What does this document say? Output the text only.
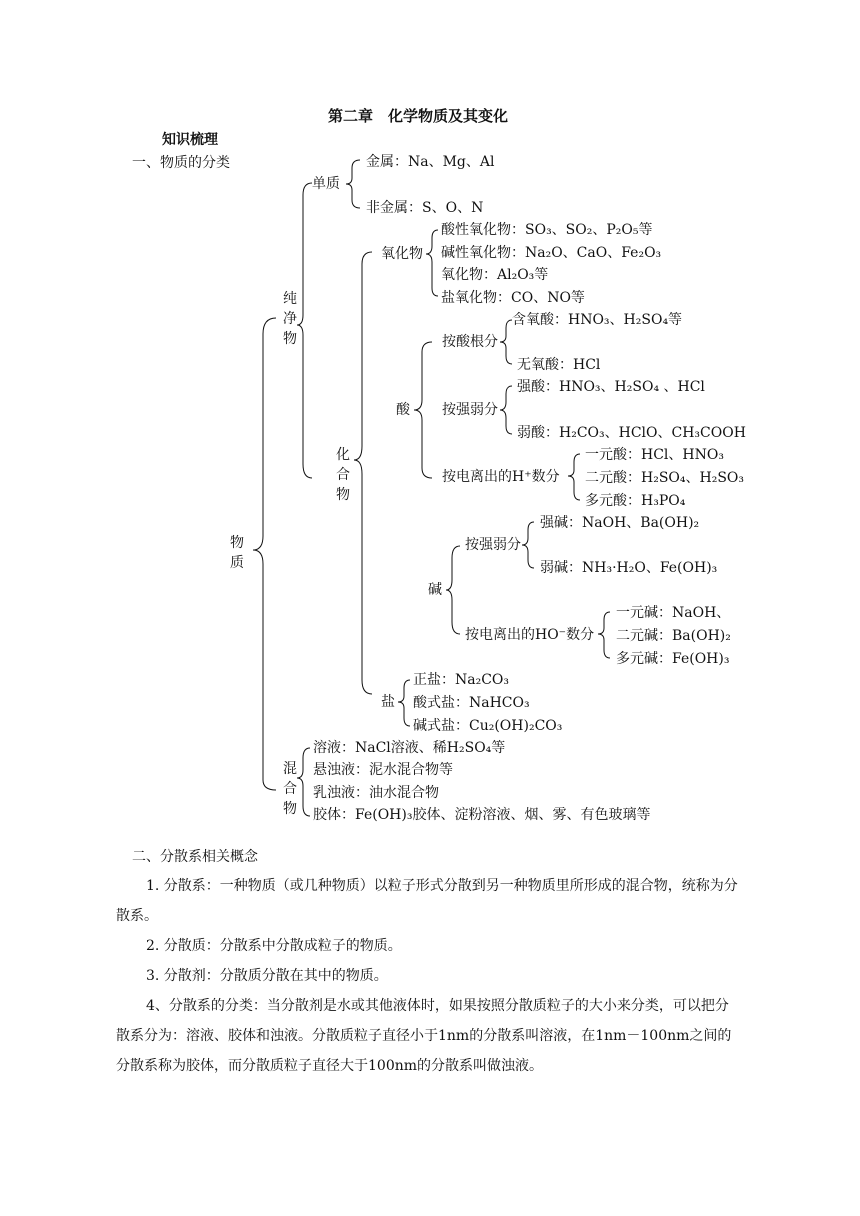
第二章　化学物质及其变化
知识梳理
一、物质的分类
物质
纯净物
混合物
化合物
单质
金属：Na、Mg、Al
非金属：S、O、N
氧化物
酸性氧化物：SO₃、SO₂、P₂O₅等
碱性氧化物：Na₂O、CaO、Fe₂O₃
氧化物：Al₂O₃等
盐氧化物：CO、NO等
酸
按酸根分
含氧酸：HNO₃、H₂SO₄等
无氧酸：HCl
按强弱分
强酸：HNO₃、H₂SO₄ 、HCl
弱酸：H₂CO₃、HClO、CH₃COOH
按电离出的H⁺数分
一元酸：HCl、HNO₃
二元酸：H₂SO₄、H₂SO₃
多元酸：H₃PO₄
碱
按强弱分
强碱：NaOH、Ba(OH)₂
弱碱：NH₃·H₂O、Fe(OH)₃
按电离出的HO⁻数分
一元碱：NaOH、
二元碱：Ba(OH)₂
多元碱：Fe(OH)₃
盐
正盐：Na₂CO₃
酸式盐：NaHCO₃
碱式盐：Cu₂(OH)₂CO₃
溶液：NaCl溶液、稀H₂SO₄等
悬浊液：泥水混合物等
乳浊液：油水混合物
胶体：Fe(OH)₃胶体、淀粉溶液、烟、雾、有色玻璃等
二、分散系相关概念
1. 分散系：一种物质（或几种物质）以粒子形式分散到另一种物质里所形成的混合物，统称为分散系。
2. 分散质：分散系中分散成粒子的物质。
3. 分散剂：分散质分散在其中的物质。
4、分散系的分类：当分散剂是水或其他液体时，如果按照分散质粒子的大小来分类，可以把分散系分为：溶液、胶体和浊液。分散质粒子直径小于1nm的分散系叫溶液，在1nm－100nm之间的分散系称为胶体，而分散质粒子直径大于100nm的分散系叫做浊液。
